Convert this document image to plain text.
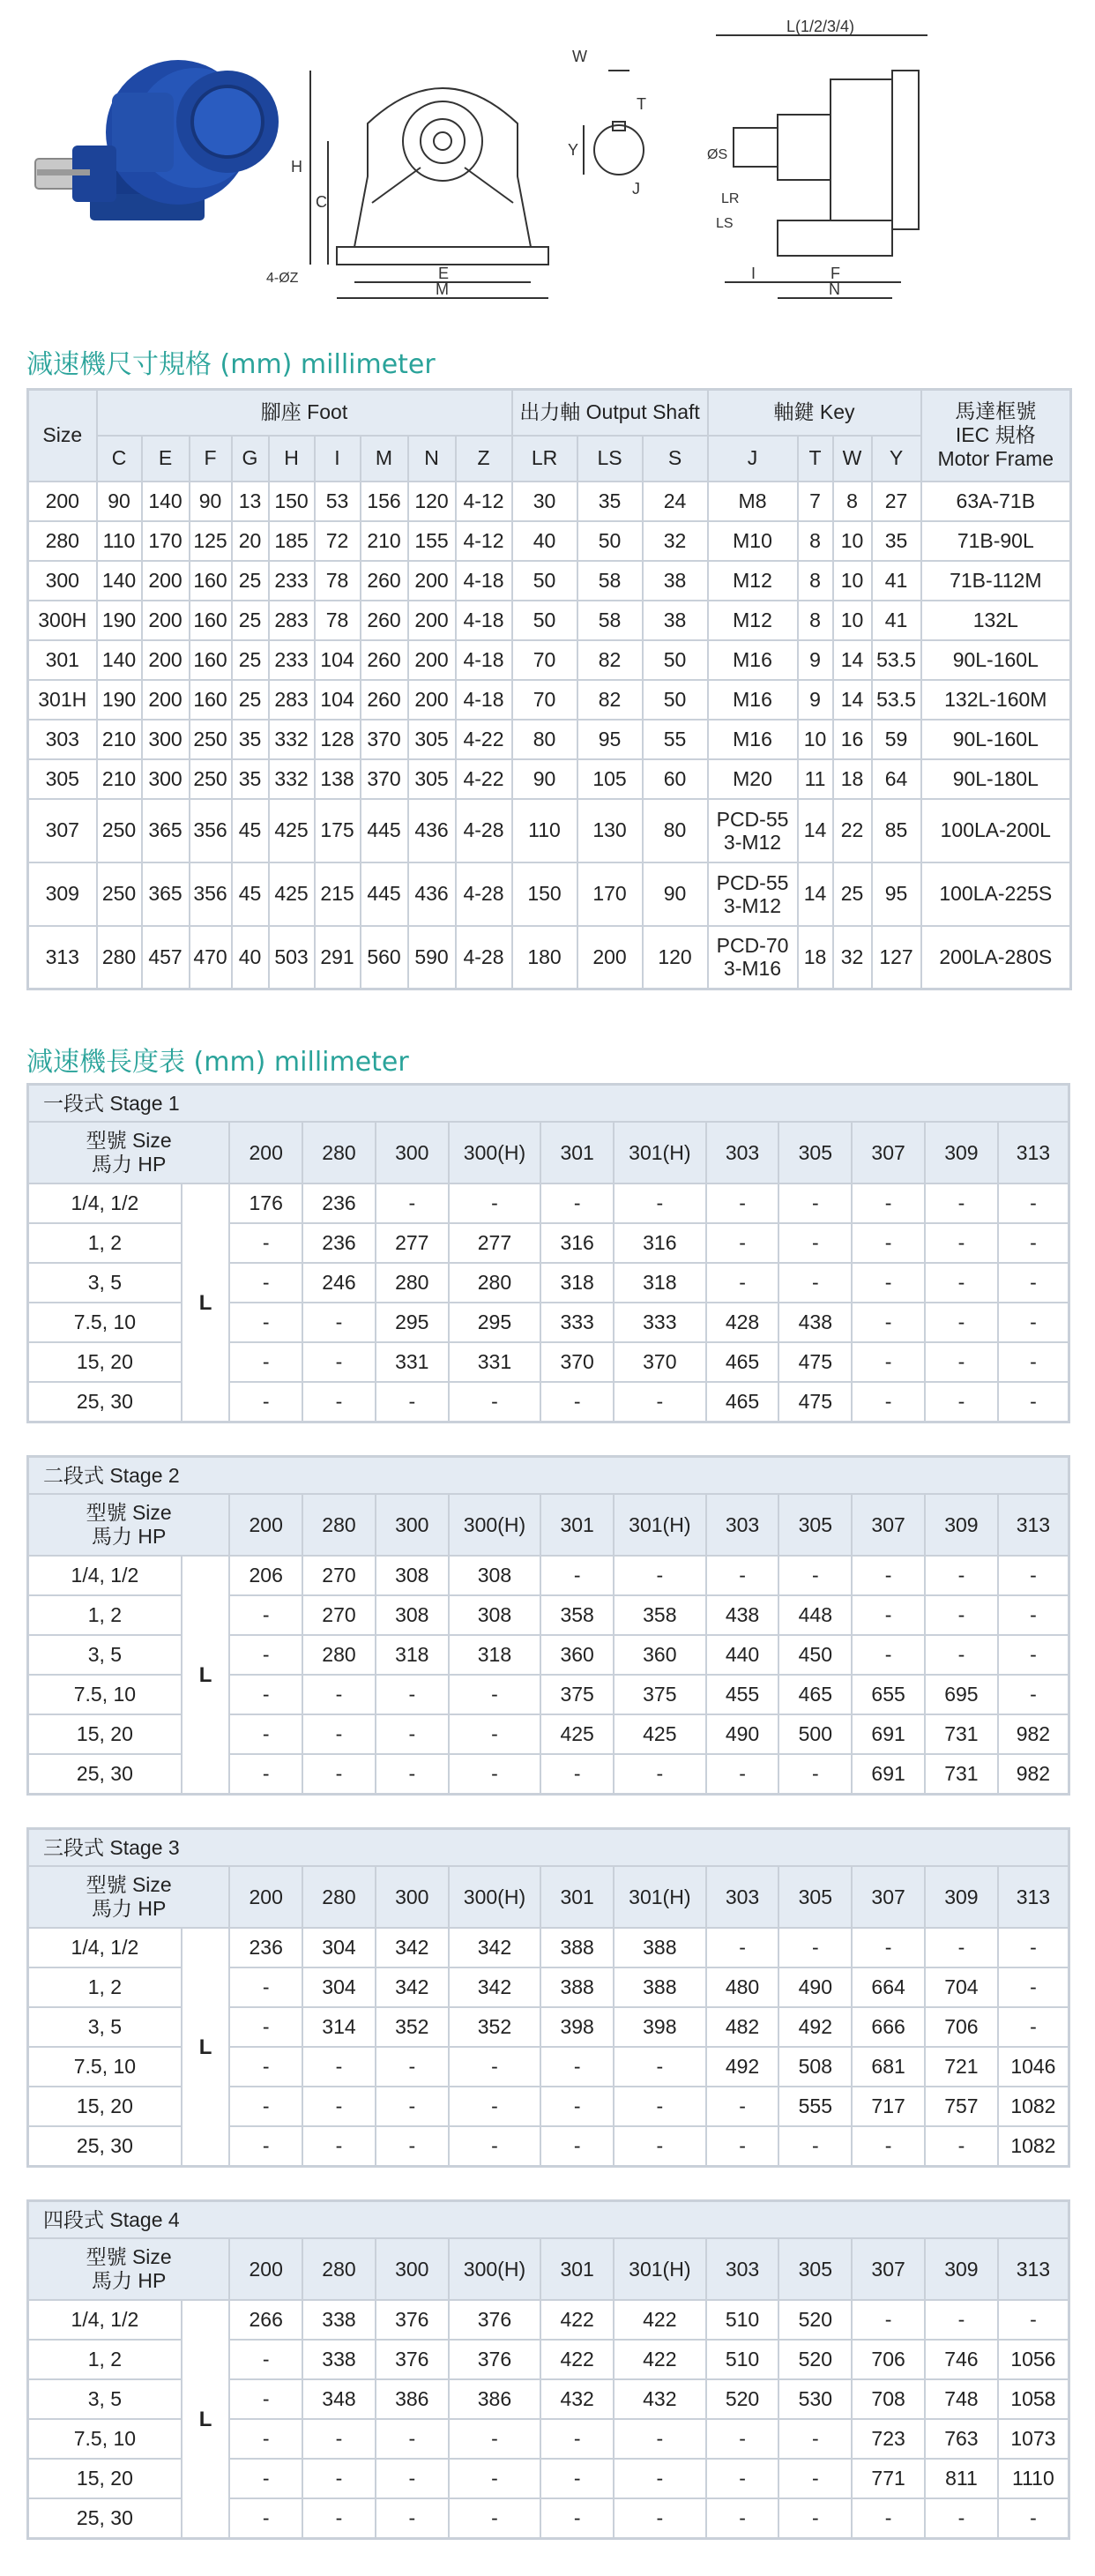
H
C
4-ØZ	E
M
W
T
Y
J
L(1/2/3/4)
ØS
LR
LS
I	F
N
減速機尺寸規格 (mm) millimeter
Size	腳座 Foot									出力軸 Output Shaft			軸鍵 Key				馬達框號
IEC 規格
Motor Frame
	C	E	F	G	H	I	M	N	Z	LR	LS	S	J	T	W	Y	
200	90	140	90	13	150	53	156	120	4-12	30	35	24	M8	7	8	27	63A-71B
280	110	170	125	20	185	72	210	155	4-12	40	50	32	M10	8	10	35	71B-90L
300	140	200	160	25	233	78	260	200	4-18	50	58	38	M12	8	10	41	71B-112M
300H	190	200	160	25	283	78	260	200	4-18	50	58	38	M12	8	10	41	132L
301	140	200	160	25	233	104	260	200	4-18	70	82	50	M16	9	14	53.5	90L-160L
301H	190	200	160	25	283	104	260	200	4-18	70	82	50	M16	9	14	53.5	132L-160M
303	210	300	250	35	332	128	370	305	4-22	80	95	55	M16	10	16	59	90L-160L
305	210	300	250	35	332	138	370	305	4-22	90	105	60	M20	11	18	64	90L-180L
307	250	365	356	45	425	175	445	436	4-28	110	130	80	PCD-55
3-M12	14	22	85	100LA-200L
309	250	365	356	45	425	215	445	436	4-28	150	170	90	PCD-55
3-M12	14	25	95	100LA-225S
313	280	457	470	40	503	291	560	590	4-28	180	200	120	PCD-70
3-M16	18	32	127	200LA-280S
減速機長度表 (mm) millimeter
一段式 Stage 1												
型號 Size
馬力 HP		200	280	300	300(H)	301	301(H)	303	305	307	309	313
1/4, 1/2	L	176	236	-	-	-	-	-	-	-	-	-
1, 2		-	236	277	277	316	316	-	-	-	-	-
3, 5		-	246	280	280	318	318	-	-	-	-	-
7.5, 10		-	-	295	295	333	333	428	438	-	-	-
15, 20		-	-	331	331	370	370	465	475	-	-	-
25, 30		-	-	-	-	-	-	465	475	-	-	-
二段式 Stage 2												
型號 Size
馬力 HP		200	280	300	300(H)	301	301(H)	303	305	307	309	313
1/4, 1/2	L	206	270	308	308	-	-	-	-	-	-	-
1, 2		-	270	308	308	358	358	438	448	-	-	-
3, 5		-	280	318	318	360	360	440	450	-	-	-
7.5, 10		-	-	-	-	375	375	455	465	655	695	-
15, 20		-	-	-	-	425	425	490	500	691	731	982
25, 30		-	-	-	-	-	-	-	-	691	731	982
三段式 Stage 3												
型號 Size
馬力 HP		200	280	300	300(H)	301	301(H)	303	305	307	309	313
1/4, 1/2	L	236	304	342	342	388	388	-	-	-	-	-
1, 2		-	304	342	342	388	388	480	490	664	704	-
3, 5		-	314	352	352	398	398	482	492	666	706	-
7.5, 10		-	-	-	-	-	-	492	508	681	721	1046
15, 20		-	-	-	-	-	-	-	555	717	757	1082
25, 30		-	-	-	-	-	-	-	-	-	-	1082
四段式 Stage 4												
型號 Size
馬力 HP		200	280	300	300(H)	301	301(H)	303	305	307	309	313
1/4, 1/2	L	266	338	376	376	422	422	510	520	-	-	-
1, 2		-	338	376	376	422	422	510	520	706	746	1056
3, 5		-	348	386	386	432	432	520	530	708	748	1058
7.5, 10		-	-	-	-	-	-	-	-	723	763	1073
15, 20		-	-	-	-	-	-	-	-	771	811	1110
25, 30		-	-	-	-	-	-	-	-	-	-	-
